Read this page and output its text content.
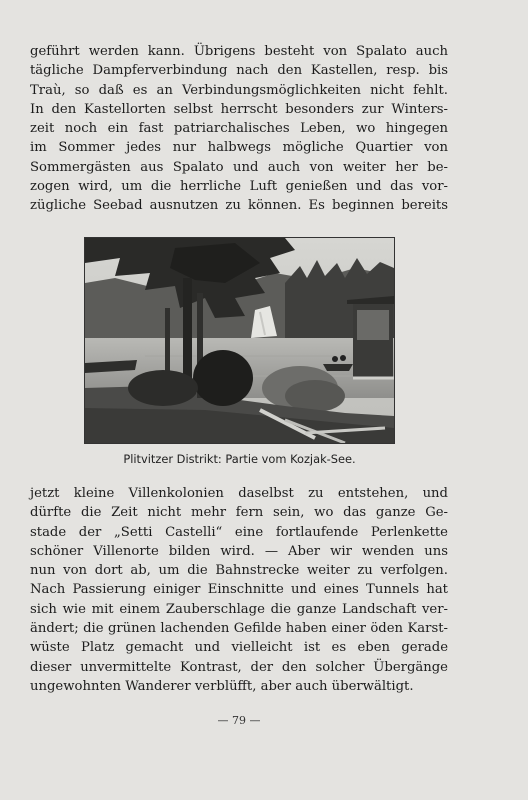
geführt werden kann. Übrigens besteht von Spalato auch
tägliche Dampferverbindung nach den Kastellen, resp. bis
Traù, so daß es an Verbindungsmöglichkeiten nicht fehlt.
In den Kastellorten selbst herrscht besonders zur Winters-
zeit noch ein fast patriarchalisches Leben, wo hingegen
im Sommer jedes nur halbwegs mögliche Quartier von
Sommergästen aus Spalato und auch von weiter her be-
zogen wird, um die herrliche Luft genießen und das vor-
zügliche Seebad ausnutzen zu können. Es beginnen bereits
Plitvitzer Distrikt: Partie vom Kozjak-See.
jetzt kleine Villenkolonien daselbst zu entstehen, und
dürfte die Zeit nicht mehr fern sein, wo das ganze Ge-
stade der „Setti Castelli“ eine fortlaufende Perlenkette
schöner Villenorte bilden wird. — Aber wir wenden uns
nun von dort ab, um die Bahnstrecke weiter zu verfolgen.
Nach Passierung einiger Einschnitte und eines Tunnels hat
sich wie mit einem Zauberschlage die ganze Landschaft ver-
ändert; die grünen lachenden Gefilde haben einer öden Karst-
wüste Platz gemacht und vielleicht ist es eben gerade
dieser unvermittelte Kontrast, der den solcher Übergänge
ungewohnten Wanderer verblüfft, aber auch überwältigt.
— 79 —
